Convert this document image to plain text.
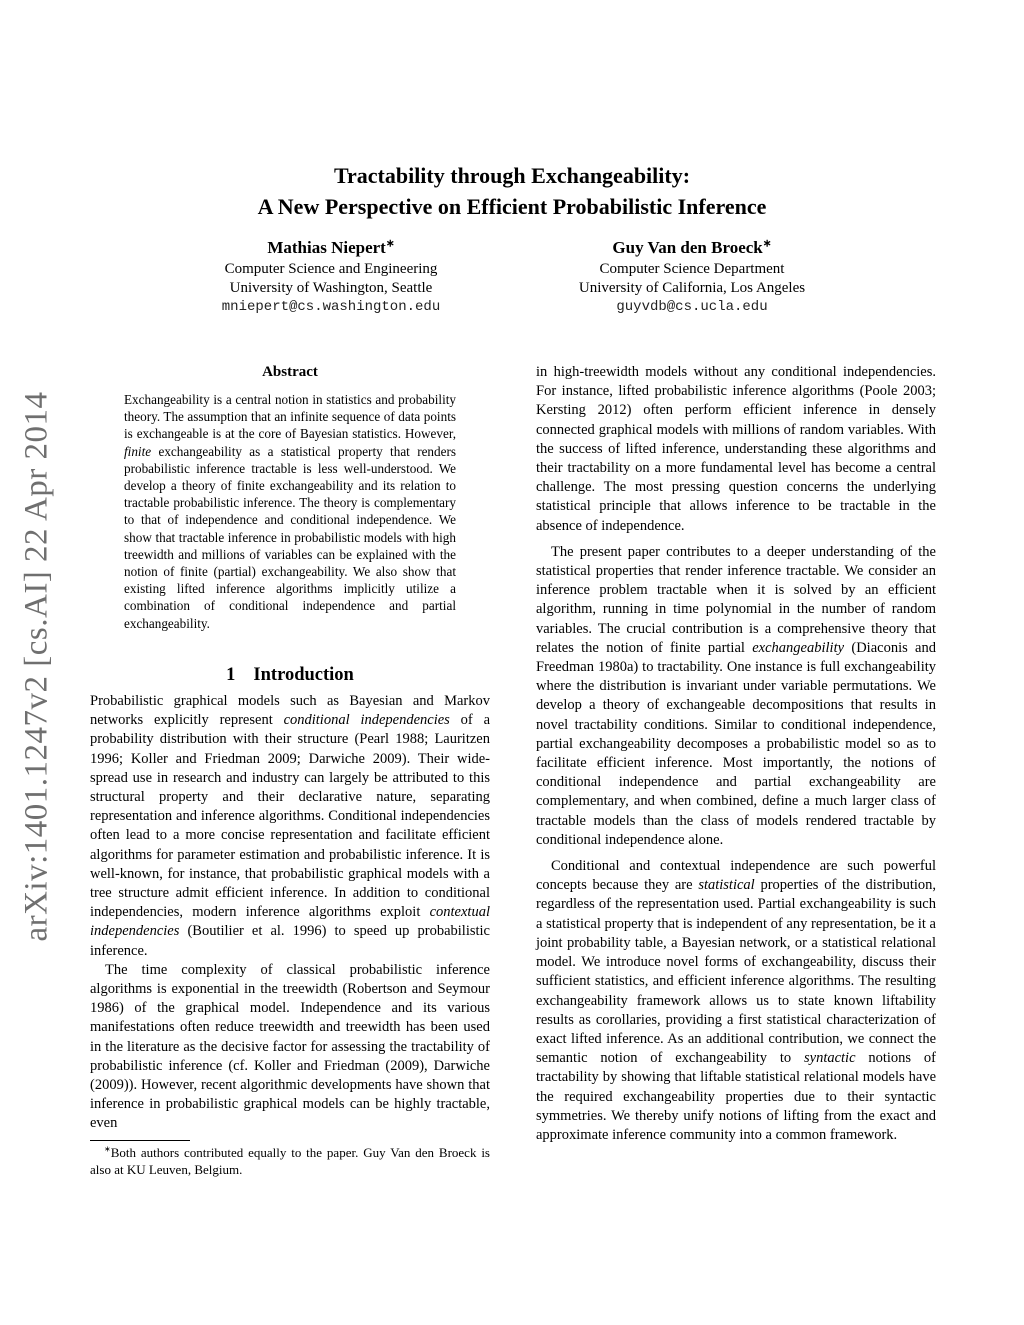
arXiv:1401.1247v2 [cs.AI] 22 Apr 2014
Tractability through Exchangeability:
A New Perspective on Efficient Probabilistic Inference
Mathias Niepert∗
Computer Science and Engineering
University of Washington, Seattle
mniepert@cs.washington.edu
Guy Van den Broeck∗
Computer Science Department
University of California, Los Angeles
guyvdb@cs.ucla.edu
Abstract
Exchangeability is a central notion in statistics and probability theory. The assumption that an infinite sequence of data points is exchangeable is at the core of Bayesian statistics. However, finite exchangeability as a statistical property that renders probabilistic inference tractable is less well-understood. We develop a theory of finite exchangeability and its relation to tractable probabilistic inference. The theory is complementary to that of independence and conditional independence. We show that tractable inference in probabilistic models with high treewidth and millions of variables can be explained with the notion of finite (partial) exchangeability. We also show that existing lifted inference algorithms implicitly utilize a combination of conditional independence and partial exchangeability.
1 Introduction

Probabilistic graphical models such as Bayesian and Markov networks explicitly represent conditional independencies of a probability distribution with their structure (Pearl 1988; Lauritzen 1996; Koller and Friedman 2009; Darwiche 2009). Their wide-spread use in research and industry can largely be attributed to this structural property and their declarative nature, separating representation and inference algorithms. Conditional independencies often lead to a more concise representation and facilitate efficient algorithms for parameter estimation and probabilistic inference. It is well-known, for instance, that probabilistic graphical models with a tree structure admit efficient inference. In addition to conditional independencies, modern inference algorithms exploit contextual independencies (Boutilier et al. 1996) to speed up probabilistic inference.

The time complexity of classical probabilistic inference algorithms is exponential in the treewidth (Robertson and Seymour 1986) of the graphical model. Independence and its various manifestations often reduce treewidth and treewidth has been used in the literature as the decisive factor for assessing the tractability of probabilistic inference (cf. Koller and Friedman (2009), Darwiche (2009)). However, recent algorithmic developments have shown that inference in probabilistic graphical models can be highly tractable, even

∗Both authors contributed equally to the paper. Guy Van den Broeck is also at KU Leuven, Belgium.

in high-treewidth models without any conditional independencies. For instance, lifted probabilistic inference algorithms (Poole 2003; Kersting 2012) often perform efficient inference in densely connected graphical models with millions of random variables. With the success of lifted inference, understanding these algorithms and their tractability on a more fundamental level has become a central challenge. The most pressing question concerns the underlying statistical principle that allows inference to be tractable in the absence of independence.

The present paper contributes to a deeper understanding of the statistical properties that render inference tractable. We consider an inference problem tractable when it is solved by an efficient algorithm, running in time polynomial in the number of random variables. The crucial contribution is a comprehensive theory that relates the notion of finite partial exchangeability (Diaconis and Freedman 1980a) to tractability. One instance is full exchangeability where the distribution is invariant under variable permutations. We develop a theory of exchangeable decompositions that results in novel tractability conditions. Similar to conditional independence, partial exchangeability decomposes a probabilistic model so as to facilitate efficient inference. Most importantly, the notions of conditional independence and partial exchangeability are complementary, and when combined, define a much larger class of tractable models than the class of models rendered tractable by conditional independence alone.

Conditional and contextual independence are such powerful concepts because they are statistical properties of the distribution, regardless of the representation used. Partial exchangeability is such a statistical property that is independent of any representation, be it a joint probability table, a Bayesian network, or a statistical relational model. We introduce novel forms of exchangeability, discuss their sufficient statistics, and efficient inference algorithms. The resulting exchangeability framework allows us to state known liftability results as corollaries, providing a first statistical characterization of exact lifted inference. As an additional contribution, we connect the semantic notion of exchangeability to syntactic notions of tractability by showing that liftable statistical relational models have the required exchangeability properties due to their syntactic symmetries. We thereby unify notions of lifting from the exact and approximate inference community into a common framework.
